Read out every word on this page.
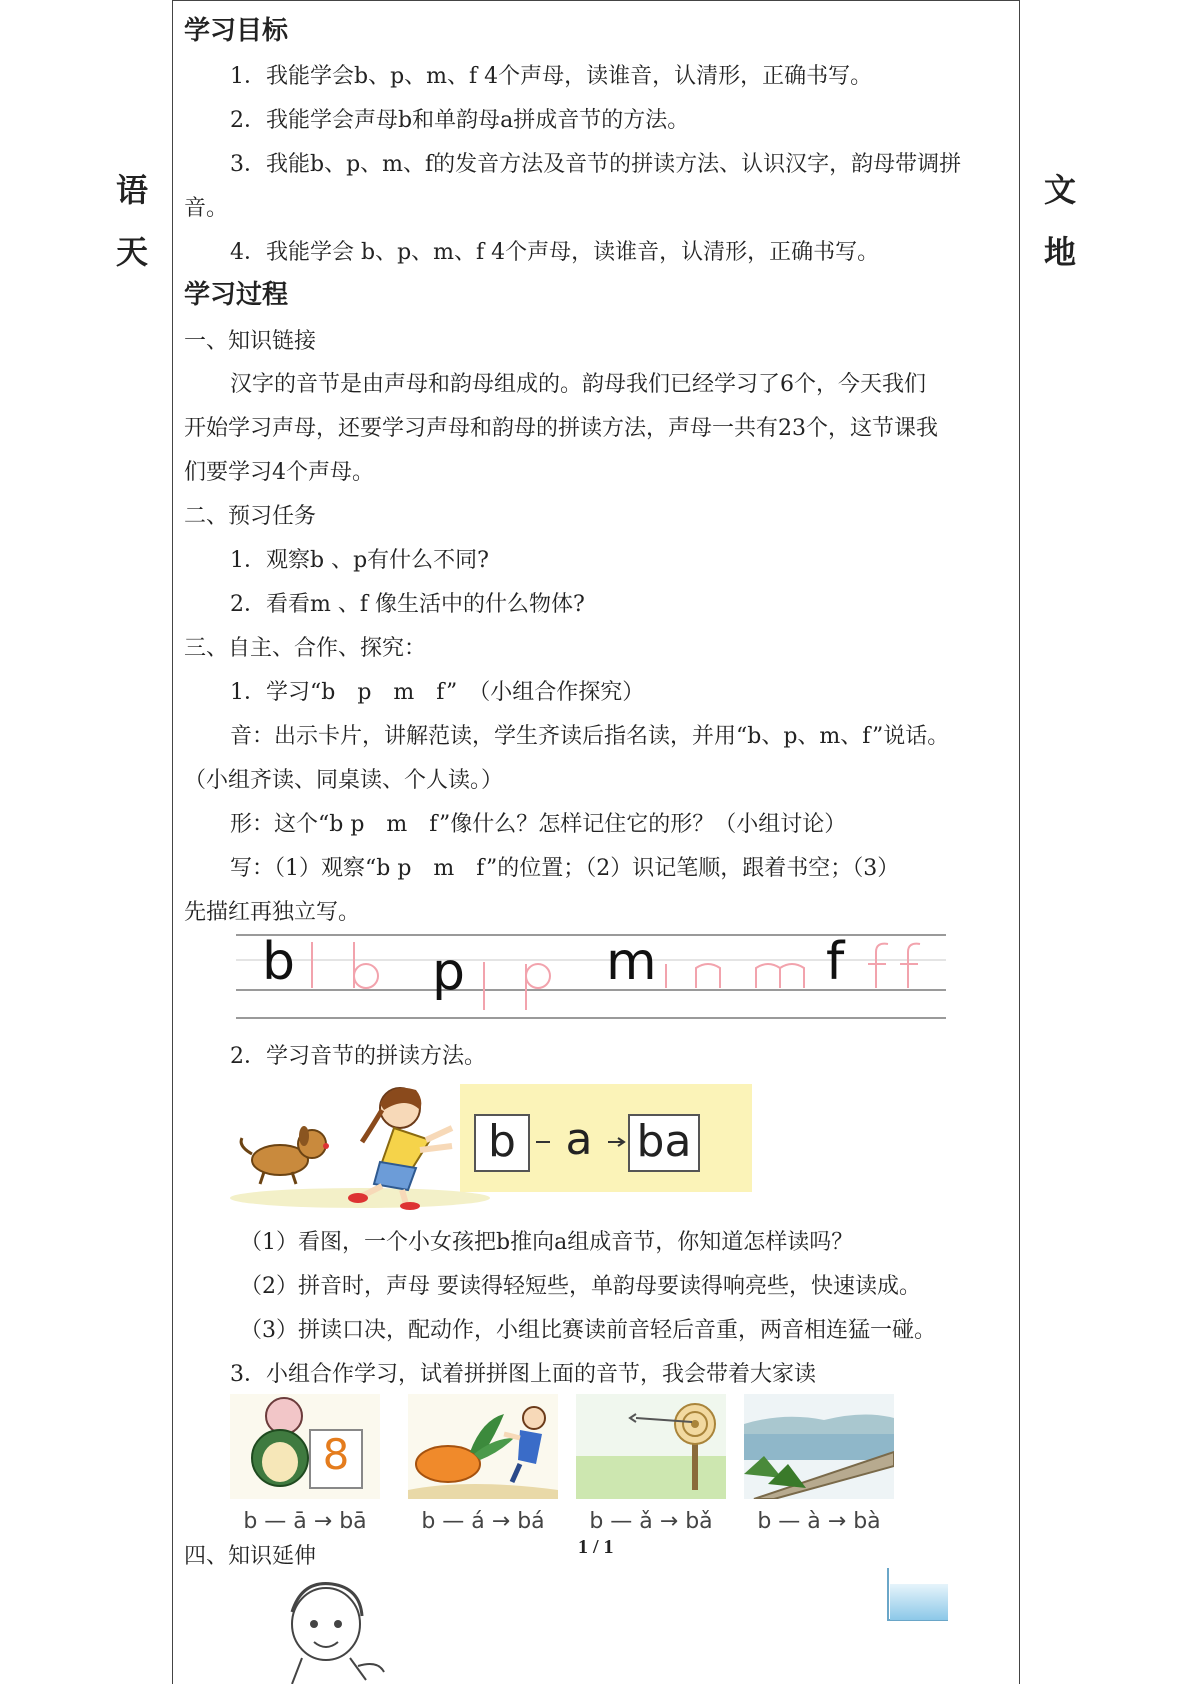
语
天
文
地
学习目标
1．我能学会b、p、m、f 4个声母，读谁音，认清形，正确书写。
2．我能学会声母b和单韵母a拼成音节的方法。
3．我能b、p、m、f的发音方法及音节的拼读方法、认识汉字，韵母带调拼
音。
4．我能学会 b、p、m、f 4个声母，读谁音，认清形，正确书写。
学习过程
一、知识链接
汉字的音节是由声母和韵母组成的。韵母我们已经学习了6个，今天我们
开始学习声母，还要学习声母和韵母的拼读方法，声母一共有23个，这节课我
们要学习4个声母。
二、预习任务
1．观察b 、p有什么不同?
2．看看m 、f 像生活中的什么物体?
三、自主、合作、探究：
1．学习“b　p　m　f”　（小组合作探究）
音：出示卡片，讲解范读，学生齐读后指名读，并用“b、p、m、f”说话。
（小组齐读、同桌读、个人读。）
形：这个“b p　m　f”像什么？怎样记住它的形？（小组讨论）
写：（1）观察“b p　m　f”的位置；（2）识记笔顺，跟着书空；（3）
先描红再独立写。
b	p	m	f
2．学习音节的拼读方法。
b	a	ba
（1）看图，一个小女孩把b推向a组成音节，你知道怎样读吗？
（2）拼音时，声母 要读得轻短些，单韵母要读得响亮些，快速读成。
（3）拼读口决，配动作，小组比赛读前音轻后音重，两音相连猛一碰。
3．小组合作学习，试着拼拼图上面的音节，我会带着大家读
8
b — ā → bā	b — á → bá	b — ǎ → bǎ	b — à → bà
四、知识延伸	1 / 1
